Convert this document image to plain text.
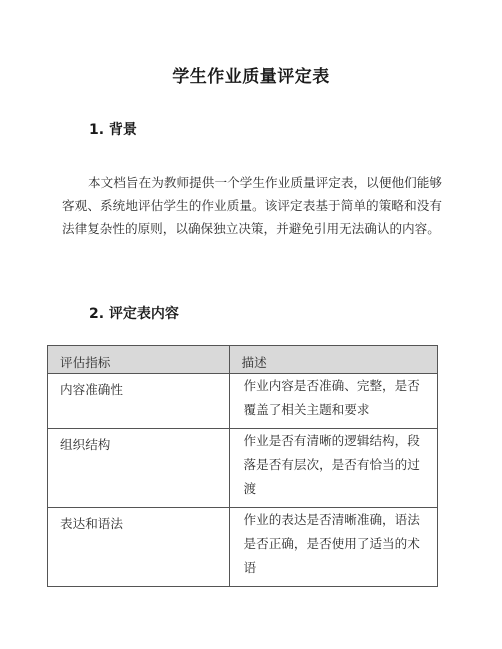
学生作业质量评定表
1. 背景
本文档旨在为教师提供一个学生作业质量评定表，以便他们能够客观、系统地评估学生的作业质量。该评定表基于简单的策略和没有法律复杂性的原则，以确保独立决策，并避免引用无法确认的内容。
2. 评定表内容
评估指标	描述
内容准确性	作业内容是否准确、完整，是否覆盖了相关主题和要求
组织结构	作业是否有清晰的逻辑结构，段落是否有层次，是否有恰当的过渡
表达和语法	作业的表达是否清晰准确，语法是否正确，是否使用了适当的术语
